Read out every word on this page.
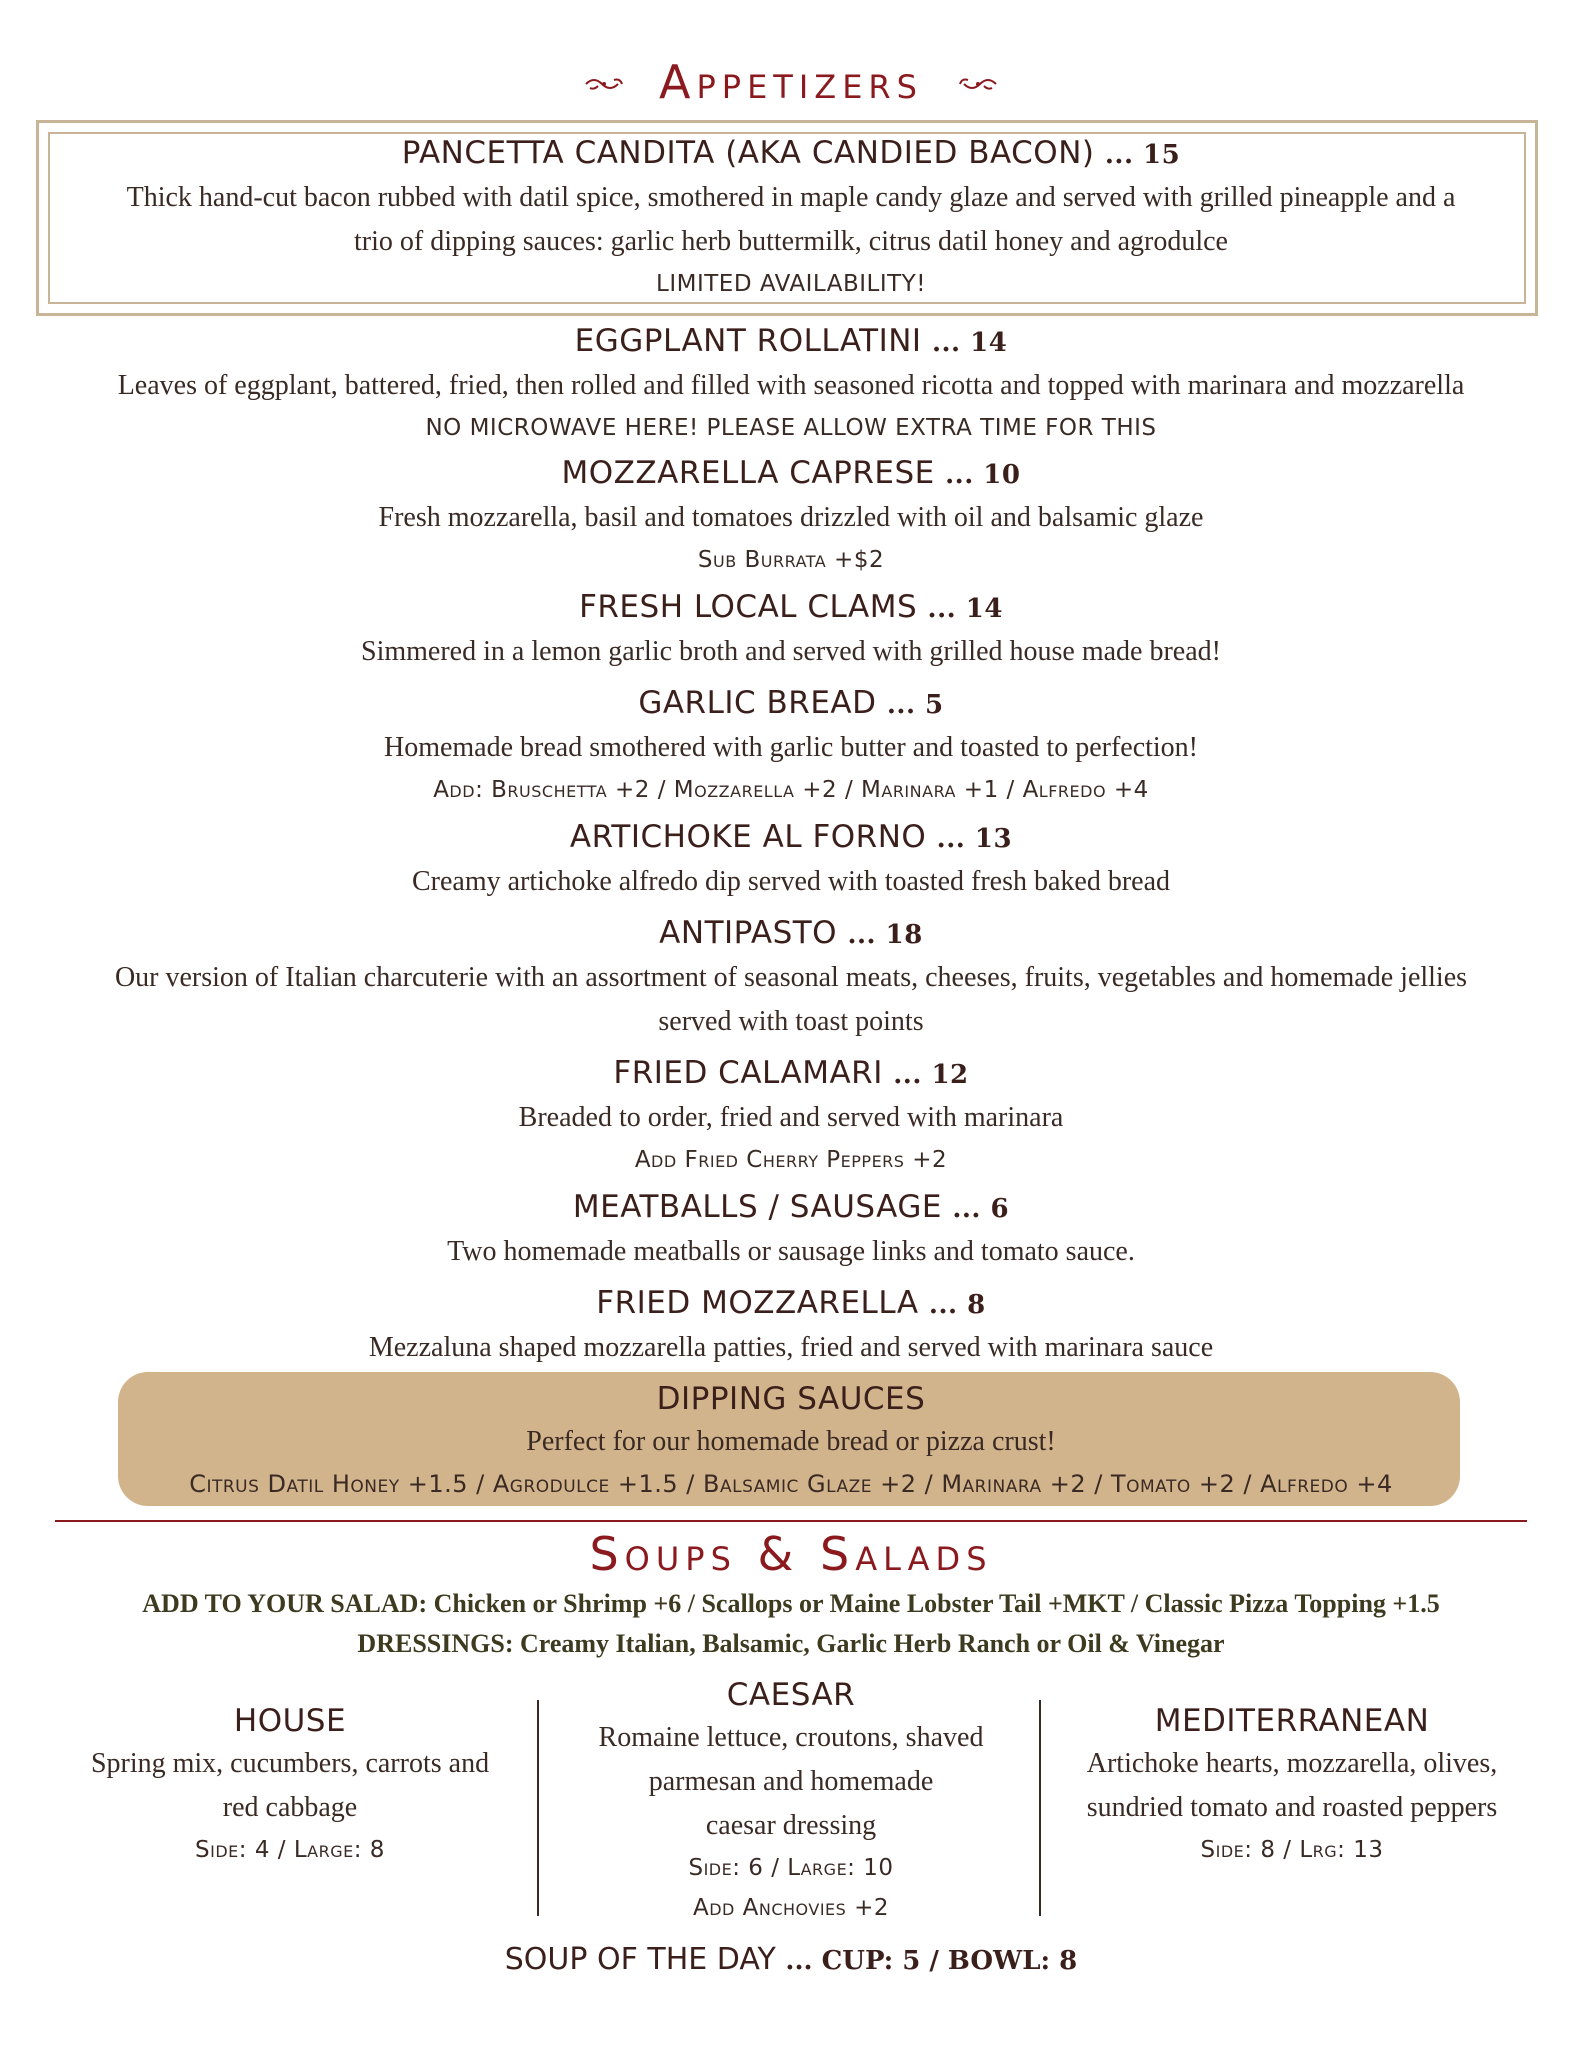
Appetizers
PANCETTA CANDITA (AKA CANDIED BACON) ... 15
Thick hand-cut bacon rubbed with datil spice, smothered in maple candy glaze and served with grilled pineapple and a
trio of dipping sauces: garlic herb buttermilk, citrus datil honey and agrodulce
LIMITED AVAILABILITY!
EGGPLANT ROLLATINI ... 14
Leaves of eggplant, battered, fried, then rolled and filled with seasoned ricotta and topped with marinara and mozzarella
NO MICROWAVE HERE! PLEASE ALLOW EXTRA TIME FOR THIS
MOZZARELLA CAPRESE ... 10
Fresh mozzarella, basil and tomatoes drizzled with oil and balsamic glaze
Sub Burrata +$2
FRESH LOCAL CLAMS ... 14
Simmered in a lemon garlic broth and served with grilled house made bread!
GARLIC BREAD ... 5
Homemade bread smothered with garlic butter and toasted to perfection!
Add: Bruschetta +2 / Mozzarella +2 / Marinara +1 / Alfredo +4
ARTICHOKE AL FORNO ... 13
Creamy artichoke alfredo dip served with toasted fresh baked bread
ANTIPASTO ... 18
Our version of Italian charcuterie with an assortment of seasonal meats, cheeses, fruits, vegetables and homemade jellies
served with toast points
FRIED CALAMARI ... 12
Breaded to order, fried and served with marinara
Add Fried Cherry Peppers +2
MEATBALLS / SAUSAGE ... 6
Two homemade meatballs or sausage links and tomato sauce.
FRIED MOZZARELLA ... 8
Mezzaluna shaped mozzarella patties, fried and served with marinara sauce
DIPPING SAUCES
Perfect for our homemade bread or pizza crust!
Citrus Datil Honey +1.5 / Agrodulce +1.5 / Balsamic Glaze +2 / Marinara +2 / Tomato +2 / Alfredo +4
Soups & Salads
ADD TO YOUR SALAD: Chicken or Shrimp +6 / Scallops or Maine Lobster Tail +MKT / Classic Pizza Topping +1.5
DRESSINGS: Creamy Italian, Balsamic, Garlic Herb Ranch or Oil & Vinegar
HOUSE
Spring mix, cucumbers, carrots and
red cabbage
Side: 4 / Large: 8
CAESAR
Romaine lettuce, croutons, shaved
parmesan and homemade
caesar dressing
Side: 6 / Large: 10
Add Anchovies +2
MEDITERRANEAN
Artichoke hearts, mozzarella, olives,
sundried tomato and roasted peppers
Side: 8 / Lrg: 13
SOUP OF THE DAY ... CUP: 5 / BOWL: 8
